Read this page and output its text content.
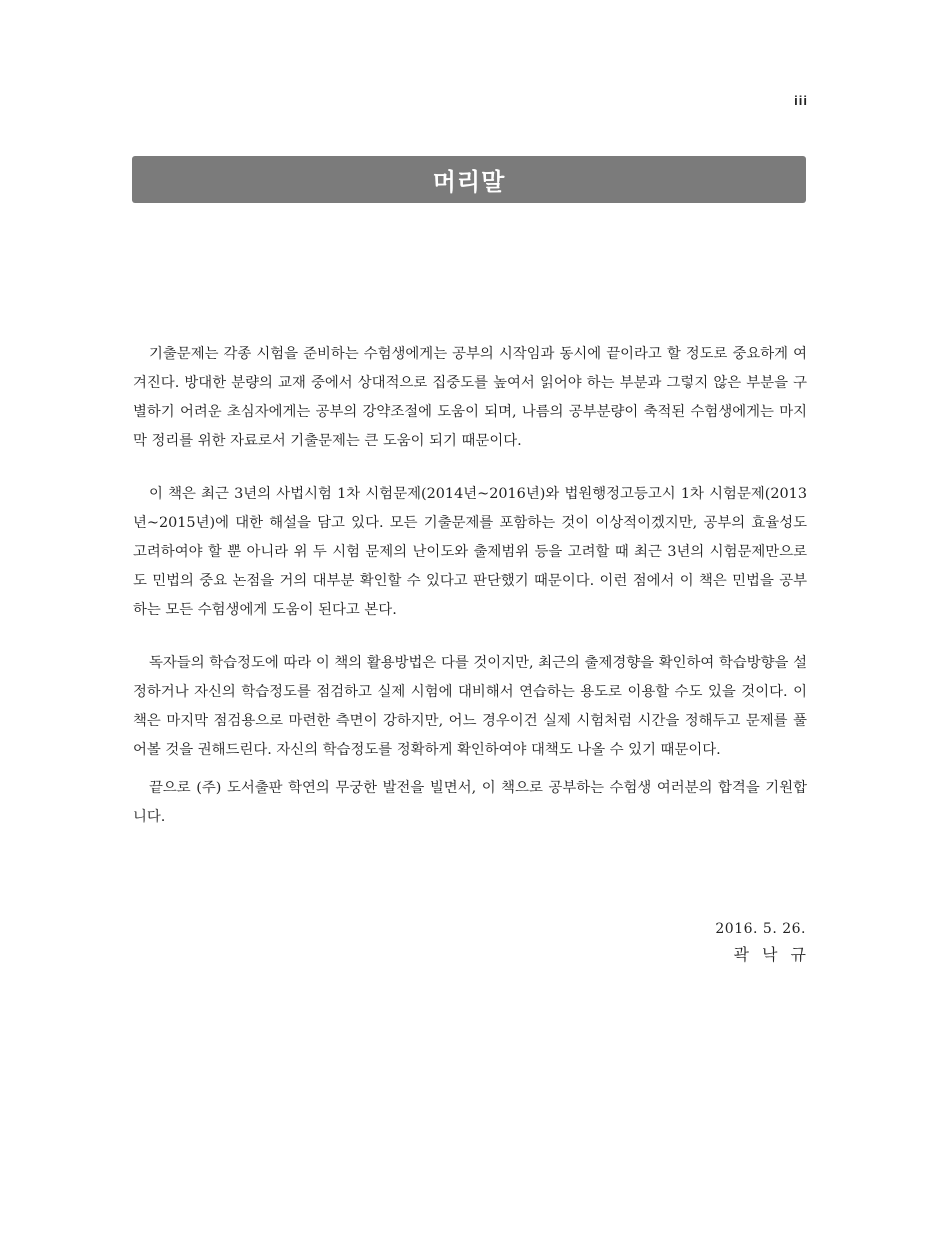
iii
머리말

기출문제는 각종 시험을 준비하는 수험생에게는 공부의 시작임과 동시에 끝이라고 할 정도로 중요하게 여겨진다. 방대한 분량의 교재 중에서 상대적으로 집중도를 높여서 읽어야 하는 부분과 그렇지 않은 부분을 구별하기 어려운 초심자에게는 공부의 강약조절에 도움이 되며, 나름의 공부분량이 축적된 수험생에게는 마지막 정리를 위한 자료로서 기출문제는 큰 도움이 되기 때문이다.

이 책은 최근 3년의 사법시험 1차 시험문제(2014년~2016년)와 법원행정고등고시 1차 시험문제(2013년~2015년)에 대한 해설을 담고 있다. 모든 기출문제를 포함하는 것이 이상적이겠지만, 공부의 효율성도 고려하여야 할 뿐 아니라 위 두 시험 문제의 난이도와 출제범위 등을 고려할 때 최근 3년의 시험문제만으로도 민법의 중요 논점을 거의 대부분 확인할 수 있다고 판단했기 때문이다. 이런 점에서 이 책은 민법을 공부하는 모든 수험생에게 도움이 된다고 본다.

독자들의 학습정도에 따라 이 책의 활용방법은 다를 것이지만, 최근의 출제경향을 확인하여 학습방향을 설정하거나 자신의 학습정도를 점검하고 실제 시험에 대비해서 연습하는 용도로 이용할 수도 있을 것이다. 이 책은 마지막 점검용으로 마련한 측면이 강하지만, 어느 경우이건 실제 시험처럼 시간을 정해두고 문제를 풀어볼 것을 권해드린다. 자신의 학습정도를 정확하게 확인하여야 대책도 나올 수 있기 때문이다.

끝으로 (주) 도서출판 학연의 무궁한 발전을 빌면서, 이 책으로 공부하는 수험생 여러분의 합격을 기원합니다.

2016. 5. 26.
곽 낙 규
